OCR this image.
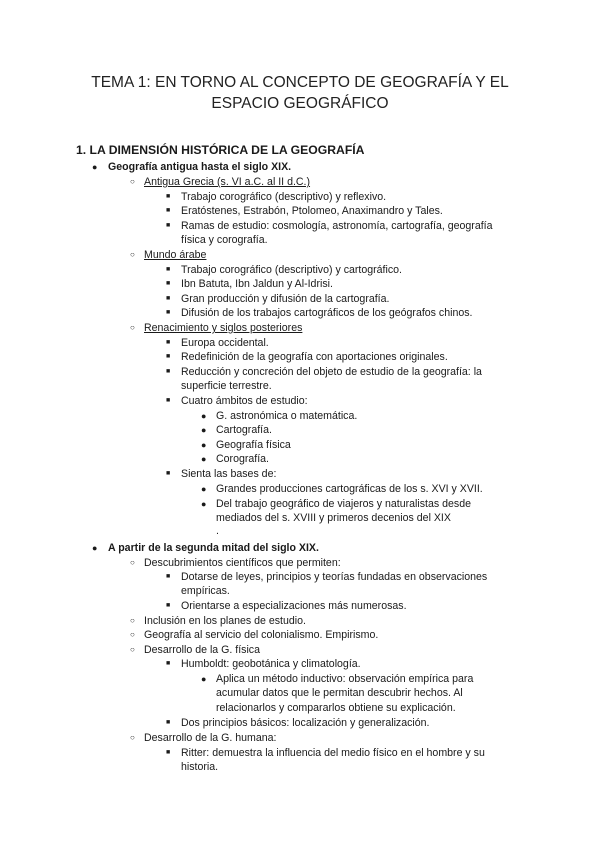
TEMA 1: EN TORNO AL CONCEPTO DE GEOGRAFÍA Y EL
ESPACIO GEOGRÁFICO
1. LA DIMENSIÓN HISTÓRICA DE LA GEOGRAFÍA
● Geografía antigua hasta el siglo XIX.
○ Antigua Grecia (s. VI a.C. al II d.C.)
■ Trabajo corográfico (descriptivo) y reflexivo.
■ Eratóstenes, Estrabón, Ptolomeo, Anaximandro y Tales.
■ Ramas de estudio: cosmología, astronomía, cartografía, geografía
física y corografía.
○ Mundo árabe
■ Trabajo corográfico (descriptivo) y cartográfico.
■ Ibn Batuta, Ibn Jaldun y Al-Idrisi.
■ Gran producción y difusión de la cartografía.
■ Difusión de los trabajos cartográficos de los geógrafos chinos.
○ Renacimiento y siglos posteriores
■ Europa occidental.
■ Redefinición de la geografía con aportaciones originales.
■ Reducción y concreción del objeto de estudio de la geografía: la
superficie terrestre.
■ Cuatro ámbitos de estudio:
● G. astronómica o matemática.
● Cartografía.
● Geografía física
● Corografía.
■ Sienta las bases de:
● Grandes producciones cartográficas de los s. XVI y XVII.
● Del trabajo geográfico de viajeros y naturalistas desde
mediados del s. XVIII y primeros decenios del XIX
.
● A partir de la segunda mitad del siglo XIX.
○ Descubrimientos científicos que permiten:
■ Dotarse de leyes, principios y teorías fundadas en observaciones
empíricas.
■ Orientarse a especializaciones más numerosas.
○ Inclusión en los planes de estudio.
○ Geografía al servicio del colonialismo. Empirismo.
○ Desarrollo de la G. física
■ Humboldt: geobotánica y climatología.
● Aplica un método inductivo: observación empírica para
acumular datos que le permitan descubrir hechos. Al
relacionarlos y compararlos obtiene su explicación.
■ Dos principios básicos: localización y generalización.
○ Desarrollo de la G. humana:
■ Ritter: demuestra la influencia del medio físico en el hombre y su
historia.
